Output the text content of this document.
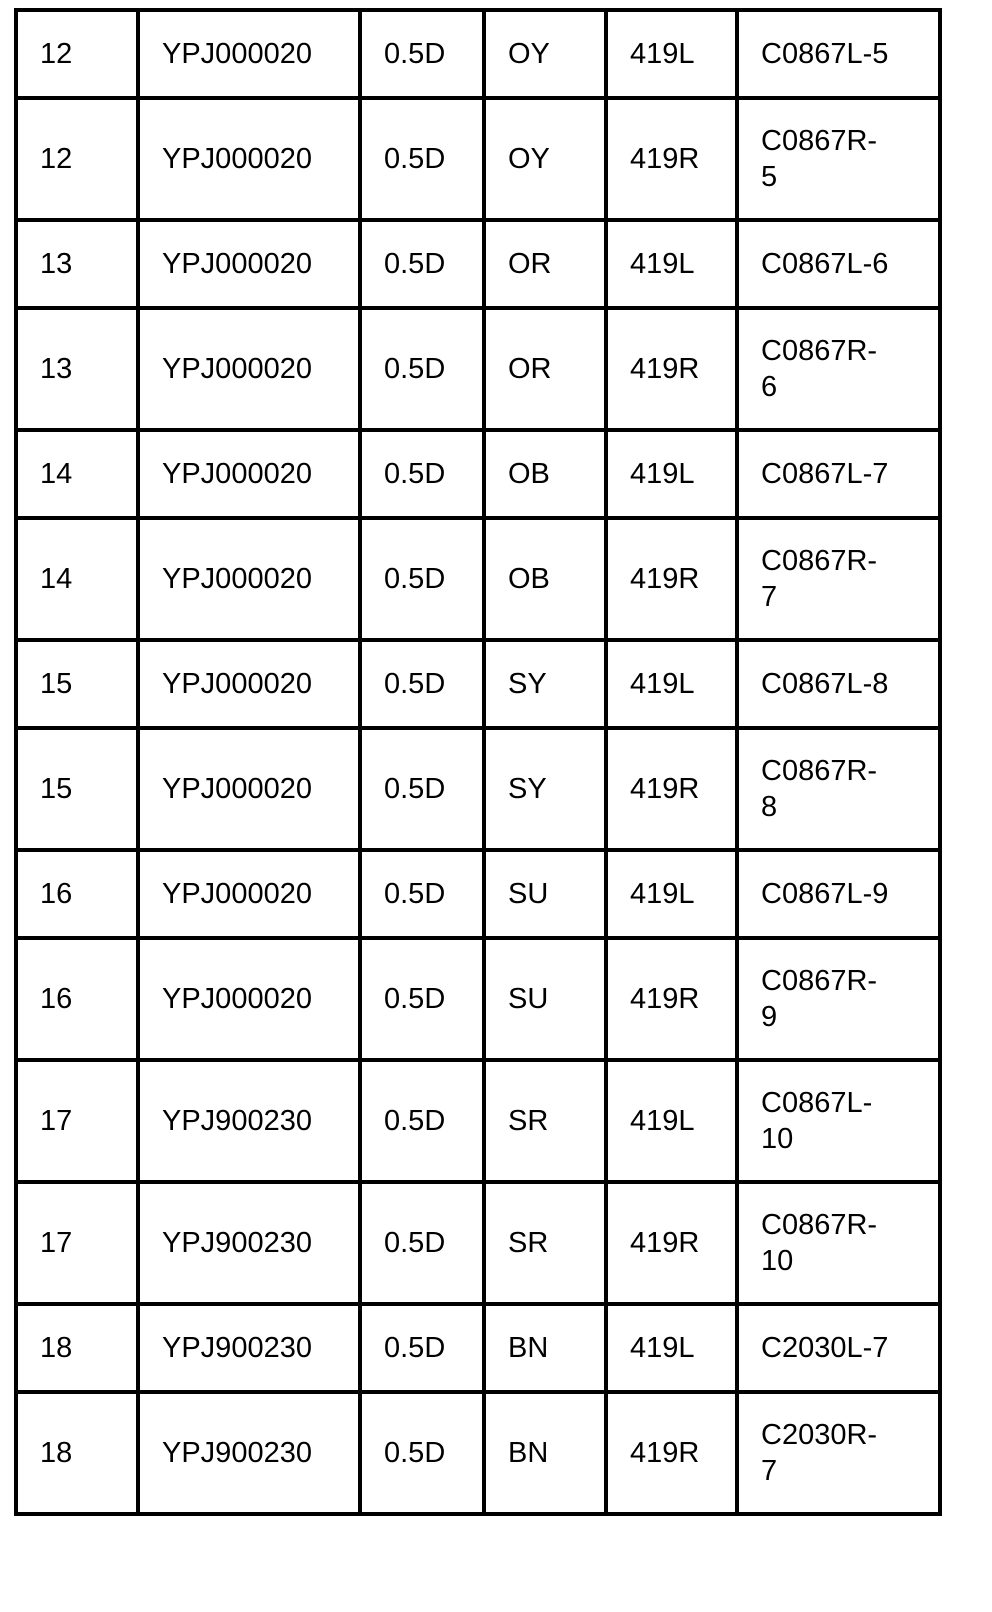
12	YPJ000020	0.5D	OY	419L	C0867L-5

12	YPJ000020	0.5D	OY	419R	C0867R-
5

13	YPJ000020	0.5D	OR	419L	C0867L-6

13	YPJ000020	0.5D	OR	419R	C0867R-
6

14	YPJ000020	0.5D	OB	419L	C0867L-7

14	YPJ000020	0.5D	OB	419R	C0867R-
7

15	YPJ000020	0.5D	SY	419L	C0867L-8

15	YPJ000020	0.5D	SY	419R	C0867R-
8

16	YPJ000020	0.5D	SU	419L	C0867L-9

16	YPJ000020	0.5D	SU	419R	C0867R-
9

17	YPJ900230	0.5D	SR	419L	C0867L-
10

17	YPJ900230	0.5D	SR	419R	C0867R-
10

18	YPJ900230	0.5D	BN	419L	C2030L-7

18	YPJ900230	0.5D	BN	419R	C2030R-
7
